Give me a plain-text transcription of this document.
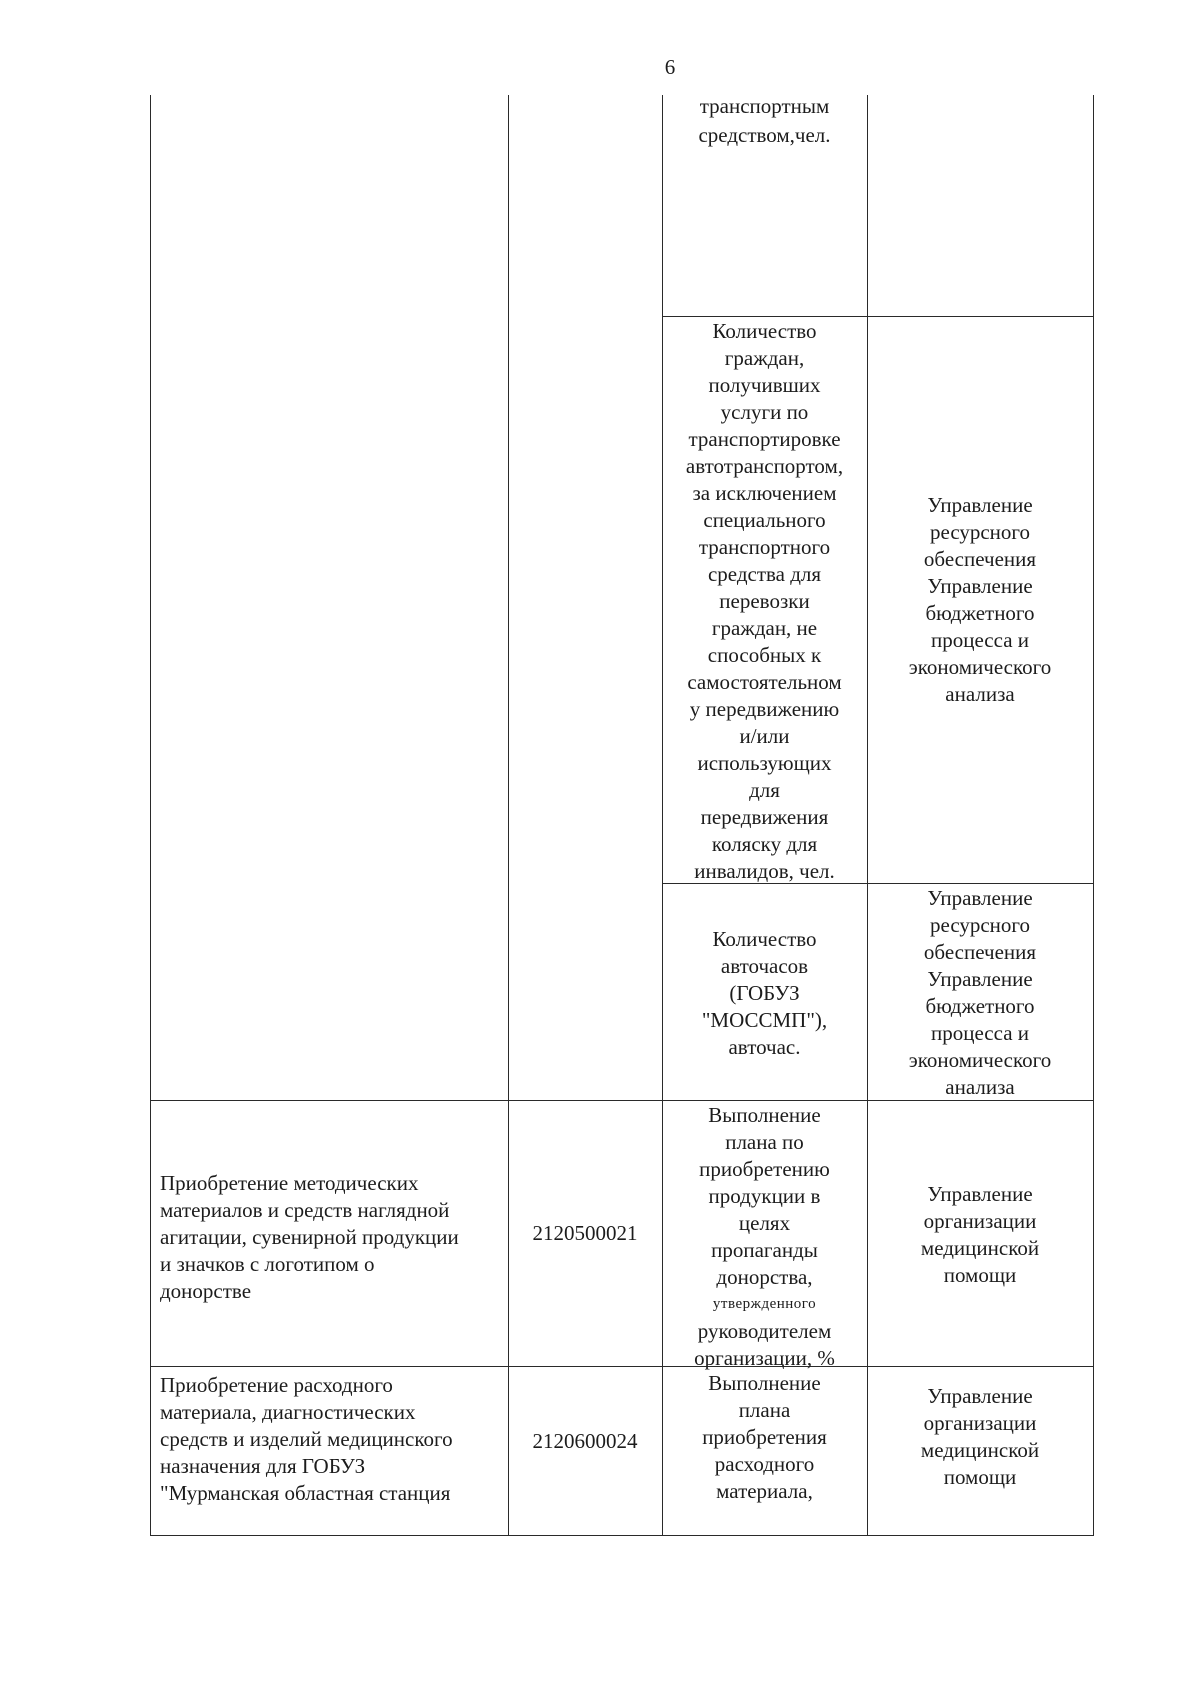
6
транспортным
средством,чел.
Количество
граждан,
получивших
услуги по
транспортировке
автотранспортом,
за исключением
специального
транспортного
средства для
перевозки
граждан, не
способных к
самостоятельном
у передвижению
и/или
использующих
для
передвижения
коляску для
инвалидов, чел.
Управление
ресурсного
обеспечения
Управление
бюджетного
процесса и
экономического
анализа
Количество
авточасов
(ГОБУЗ
"МОССМП"),
авточас.
Управление
ресурсного
обеспечения
Управление
бюджетного
процесса и
экономического
анализа
Приобретение методических
материалов и средств наглядной
агитации, сувенирной продукции
и значков с логотипом о
донорстве
2120500021
Выполнение
плана по
приобретению
продукции в
целях
пропаганды
донорства,
утвержденного
руководителем
организации, %
Управление
организации
медицинской
помощи
Приобретение расходного
материала, диагностических
средств и изделий медицинского
назначения для ГОБУЗ
"Мурманская областная станция
2120600024
Выполнение
плана
приобретения
расходного
материала,
Управление
организации
медицинской
помощи
